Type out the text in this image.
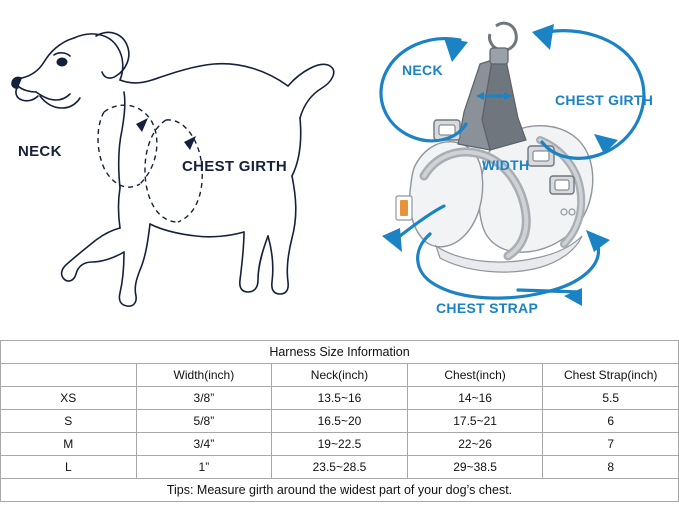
NECK
CHEST GIRTH
NECK
CHEST GIRTH
WIDTH
CHEST STRAP
Harness Size Information				
	Width(inch)	Neck(inch)	Chest(inch)	Chest Strap(inch)
XS	3/8”	13.5~16	14~16	5.5
S	5/8”	16.5~20	17.5~21	6
M	3/4”	19~22.5	22~26	7
L	1”	23.5~28.5	29~38.5	8
Tips: Measure girth around the widest part of your dog’s chest.				
